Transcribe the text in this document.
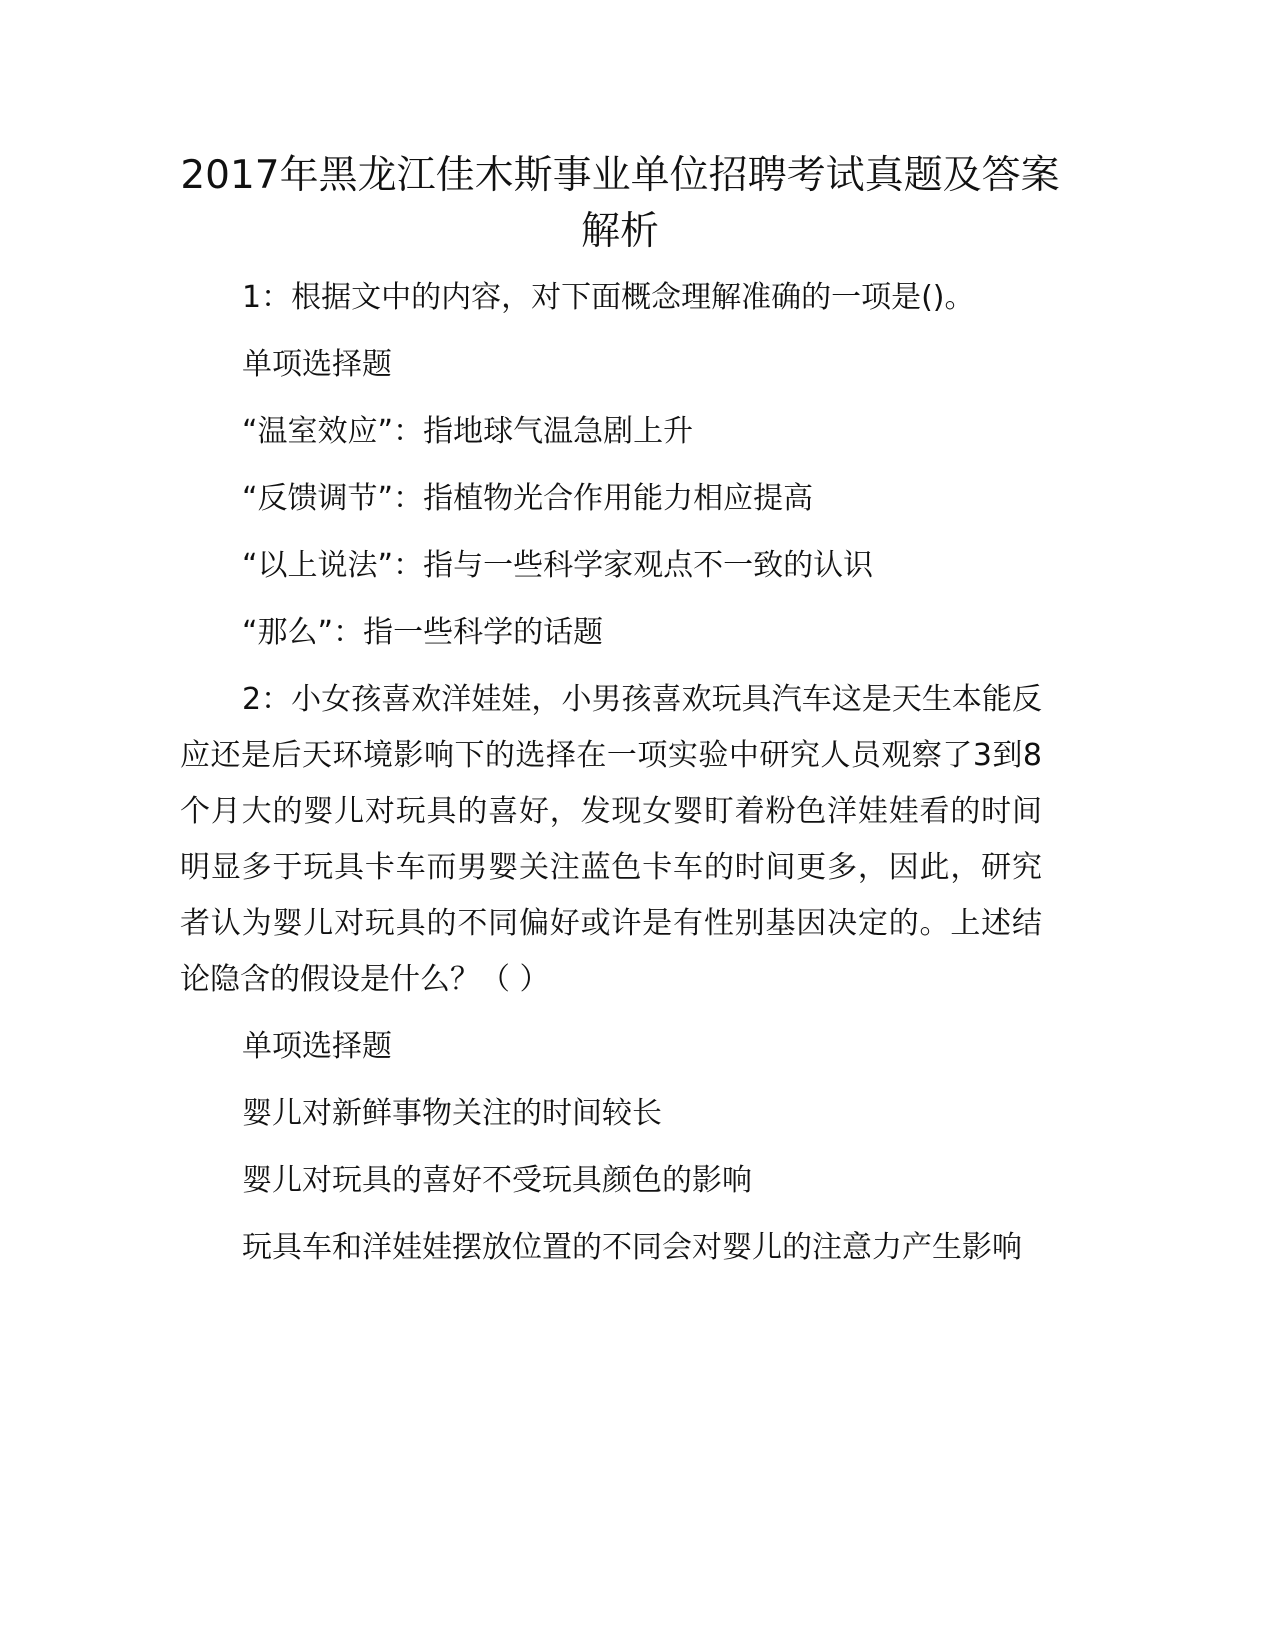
2017年黑龙江佳木斯事业单位招聘考试真题及答案解析

1：根据文中的内容，对下面概念理解准确的一项是()。

单项选择题

“温室效应”：指地球气温急剧上升

“反馈调节”：指植物光合作用能力相应提高

“以上说法”：指与一些科学家观点不一致的认识

“那么”：指一些科学的话题

2：小女孩喜欢洋娃娃，小男孩喜欢玩具汽车这是天生本能反应还是后天环境影响下的选择在一项实验中研究人员观察了3到8个月大的婴儿对玩具的喜好，发现女婴盯着粉色洋娃娃看的时间明显多于玩具卡车而男婴关注蓝色卡车的时间更多，因此，研究者认为婴儿对玩具的不同偏好或许是有性别基因决定的。上述结论隐含的假设是什么？（ ）

单项选择题

婴儿对新鲜事物关注的时间较长

婴儿对玩具的喜好不受玩具颜色的影响

玩具车和洋娃娃摆放位置的不同会对婴儿的注意力产生影响
